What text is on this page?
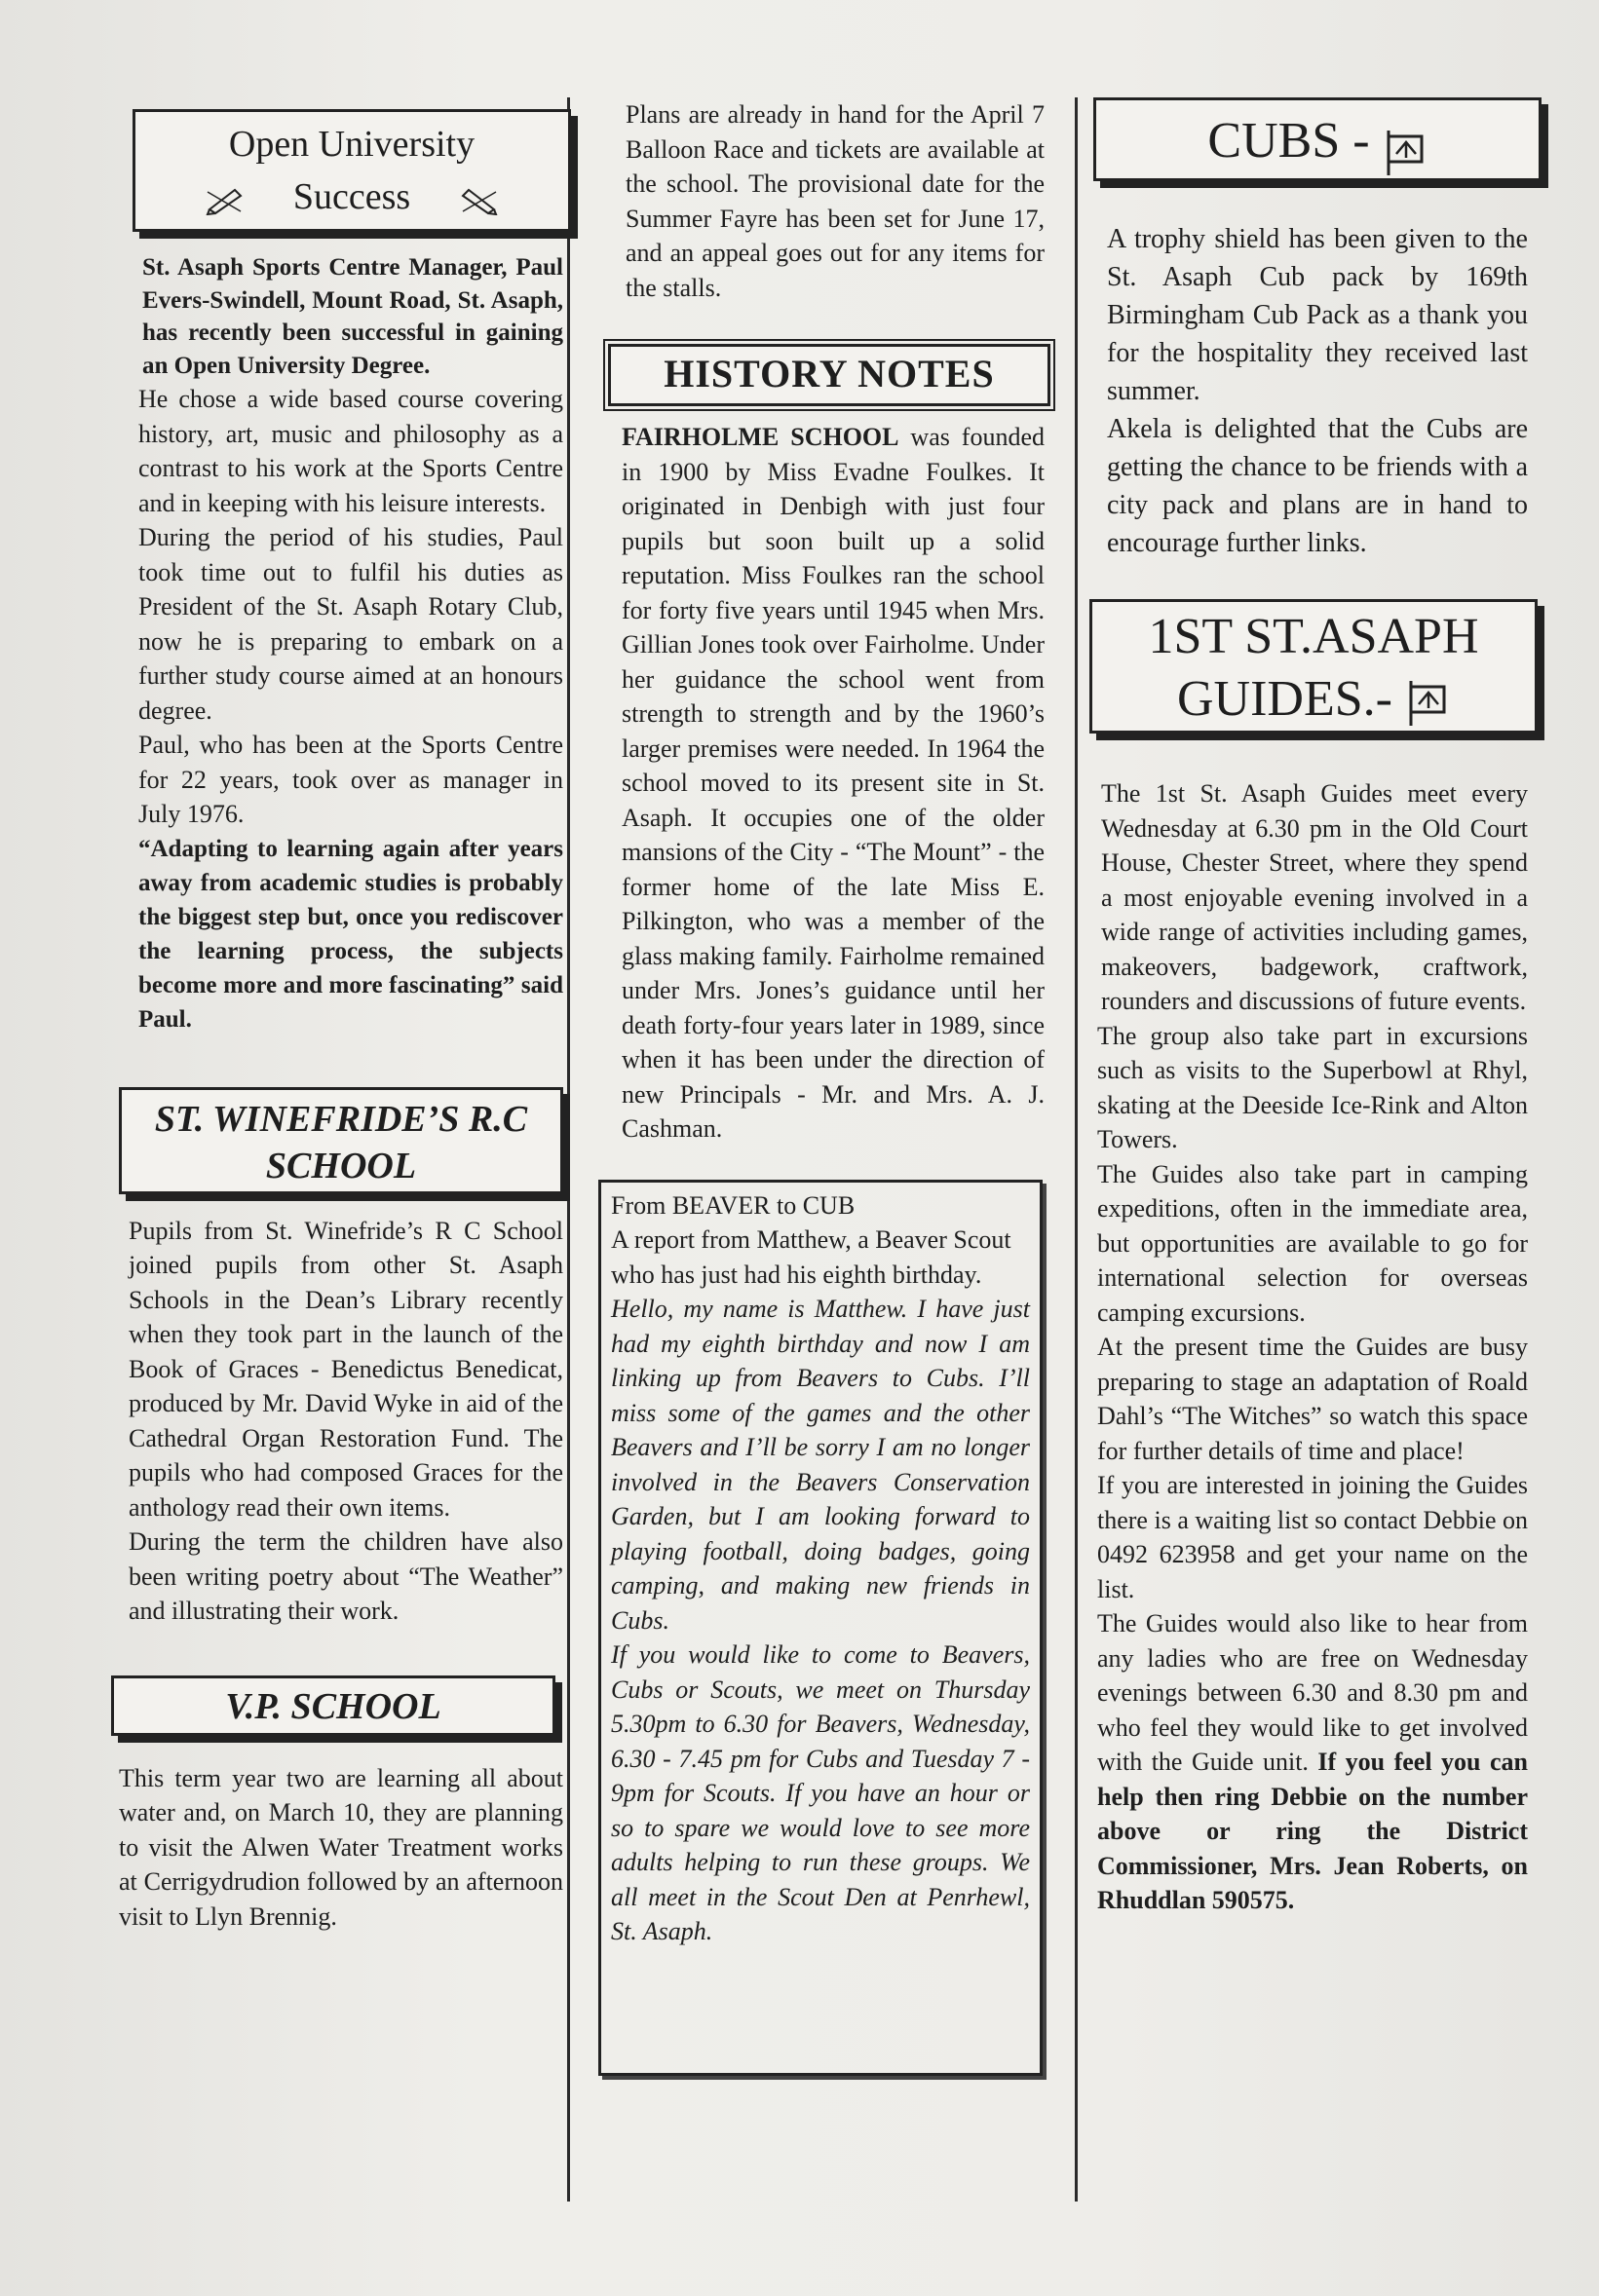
Open University
Success

St. Asaph Sports Centre Manager, Paul Evers-Swindell, Mount Road, St. Asaph, has recently been successful in gaining an Open University Degree.

He chose a wide based course covering history, art, music and philosophy as a contrast to his work at the Sports Centre and in keeping with his leisure interests.

During the period of his studies, Paul took time out to fulfil his duties as President of the St. Asaph Rotary Club, now he is preparing to embark on a further study course aimed at an honours degree.

Paul, who has been at the Sports Centre for 22 years, took over as manager in July 1976.

“Adapting to learning again after years away from academic studies is probably the biggest step but, once you rediscover the learning process, the subjects become more and more fascinating” said Paul.

ST. WINEFRIDE’S R.C
SCHOOL

Pupils from St. Winefride’s R C School joined pupils from other St. Asaph Schools in the Dean’s Library recently when they took part in the launch of the Book of Graces - Benedictus Benedicat, produced by Mr. David Wyke in aid of the Cathedral Organ Restoration Fund. The pupils who had composed Graces for the anthology read their own items.

During the term the children have also been writing poetry about “The Weather” and illustrating their work.

V.P. SCHOOL

This term year two are learning all about water and, on March 10, they are planning to visit the Alwen Water Treatment works at Cerrigydrudion followed by an afternoon visit to Llyn Brennig.

Plans are already in hand for the April 7 Balloon Race and tickets are available at the school. The provisional date for the Summer Fayre has been set for June 17, and an appeal goes out for any items for the stalls.

HISTORY NOTES

FAIRHOLME SCHOOL was founded in 1900 by Miss Evadne Foulkes. It originated in Denbigh with just four pupils but soon built up a solid reputation. Miss Foulkes ran the school for forty five years until 1945 when Mrs. Gillian Jones took over Fairholme. Under her guidance the school went from strength to strength and by the 1960’s larger premises were needed. In 1964 the school moved to its present site in St. Asaph. It occupies one of the older mansions of the City - “The Mount” - the former home of the late Miss E. Pilkington, who was a member of the glass making family. Fairholme remained under Mrs. Jones’s guidance until her death forty-four years later in 1989, since when it has been under the direction of new Principals - Mr. and Mrs. A. J. Cashman.

From BEAVER to CUB

A report from Matthew, a Beaver Scout who has just had his eighth birthday.

Hello, my name is Matthew. I have just had my eighth birthday and now I am linking up from Beavers to Cubs. I’ll miss some of the games and the other Beavers and I’ll be sorry I am no longer involved in the Beavers Conservation Garden, but I am looking forward to playing football, doing badges, going camping, and making new friends in Cubs.

If you would like to come to Beavers, Cubs or Scouts, we meet on Thursday 5.30pm to 6.30 for Beavers, Wednesday, 6.30 - 7.45 pm for Cubs and Tuesday 7 - 9pm for Scouts. If you have an hour or so to spare we would love to see more adults helping to run these groups. We all meet in the Scout Den at Penrhewl, St. Asaph.

CUBS -

A trophy shield has been given to the St. Asaph Cub pack by 169th Birmingham Cub Pack as a thank you for the hospitality they received last summer.

Akela is delighted that the Cubs are getting the chance to be friends with a city pack and plans are in hand to encourage further links.

1ST ST.ASAPH
GUIDES.-

The 1st St. Asaph Guides meet every Wednesday at 6.30 pm in the Old Court House, Chester Street, where they spend a most enjoyable evening involved in a wide range of activities including games, makeovers, badgework, craftwork, rounders and discussions of future events.

The group also take part in excursions such as visits to the Superbowl at Rhyl, skating at the Deeside Ice-Rink and Alton Towers.

The Guides also take part in camping expeditions, often in the immediate area, but opportunities are available to go for international selection for overseas camping excursions.

At the present time the Guides are busy preparing to stage an adaptation of Roald Dahl’s “The Witches” so watch this space for further details of time and place!

If you are interested in joining the Guides there is a waiting list so contact Debbie on 0492 623958 and get your name on the list.

The Guides would also like to hear from any ladies who are free on Wednesday evenings between 6.30 and 8.30 pm and who feel they would like to get involved with the Guide unit. If you feel you can help then ring Debbie on the number above or ring the District Commissioner, Mrs. Jean Roberts, on Rhuddlan 590575.
